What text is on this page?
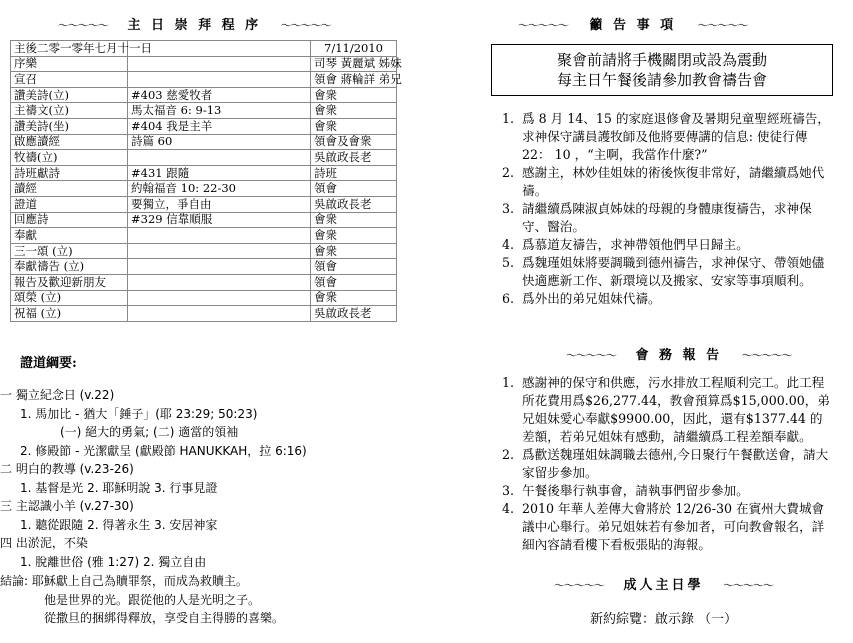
～～～～～ 主 日 崇 拜 程 序 ～～～～～
主後二零一零年七月十一日		7/11/2010
序樂		司琴 黃麗斌 姊妹
宣召		領會 蔣輪詳 弟兄
讚美詩(立)	#403 慈愛牧者	會衆
主禱文(立)	馬太福音 6: 9-13	會衆
讚美詩(坐)	#404 我是主羊	會衆
啟應讀經	詩篇 60	領會及會衆
牧禱(立)		吳啟政長老
詩班獻詩	#431 跟隨	詩班
讀經	約翰福音 10: 22-30	領會
證道	要獨立，爭自由	吳啟政長老
回應詩	#329 信靠順服	會衆
奉獻		會衆
三一頌 (立)		會衆
奉獻禱告 (立)		領會
報告及歡迎新朋友		領會
頌榮 (立)		會衆
祝福 (立)		吳啟政長老
證道綱要:
一 獨立紀念日 (v.22)
1. 馬加比 - 猶大「錘子」(耶 23:29; 50:23)
(一) 絕大的勇氣; (二) 適當的領袖
2. 修殿節 - 光潔獻呈 (獻殿節 HANUKKAH，拉 6:16)
二 明白的教導 (v.23-26)
1. 基督是光 2. 耶穌明說 3. 行事見證
三 主認識小羊 (v.27-30)
1. 聽從跟隨 2. 得著永生 3. 安居神家
四 出淤泥，不染
1. 脫離世俗 (雅 1:27) 2. 獨立自由
結論: 耶穌獻上自己為贖罪祭，而成為救贖主。
他是世界的光。跟從他的人是光明之子。
從撒旦的捆綁得釋放，享受自主得勝的喜樂。
～～～～～ 籲 告 事 項 ～～～～～
聚會前請將手機關閉或設為震動
每主日午餐後請參加教會禱告會
1. 爲 8 月 14、15 的家庭退修會及暑期兒童聖經班禱告，求神保守講員護牧師及他將要傳講的信息: 使徒行傳 22： 10 ，“主啊，我當作什麼?”
2. 感謝主，林妙佳姐妹的術後恢復非常好，請繼續爲她代禱。
3. 請繼續爲陳淑貞姊妹的母親的身體康復禱告，求神保守、醫治。
4. 爲慕道友禱告，求神帶領他們早日歸主。
5. 爲魏瑾姐妹將要調職到德州禱告，求神保守、帶領她儘快適應新工作、新環境以及搬家、安家等事項順利。
6. 爲外出的弟兄姐妹代禱。
～～～～～ 會 務 報 告 ～～～～～
1. 感謝神的保守和供應，污水排放工程順利完工。此工程所花費用爲$26,277.44，教會預算爲$15,000.00，弟兄姐妹愛心奉獻$9900.00，因此，還有$1377.44 的差額，若弟兄姐妹有感動，請繼續爲工程差額奉獻。
2. 爲歡送魏瑾姐妹調職去德州,今日聚行午餐歡送會，請大家留步參加。
3. 午餐後舉行執事會，請執事們留步參加。
4. 2010 年華人差傳大會將於 12/26-30 在賓州大費城會議中心舉行。弟兄姐妹若有參加者，可向教會報名，詳細內容請看樓下看板張貼的海報。
～～～～～ 成人主日學 ～～～～～
新約綜覽：啟示錄 （一）
